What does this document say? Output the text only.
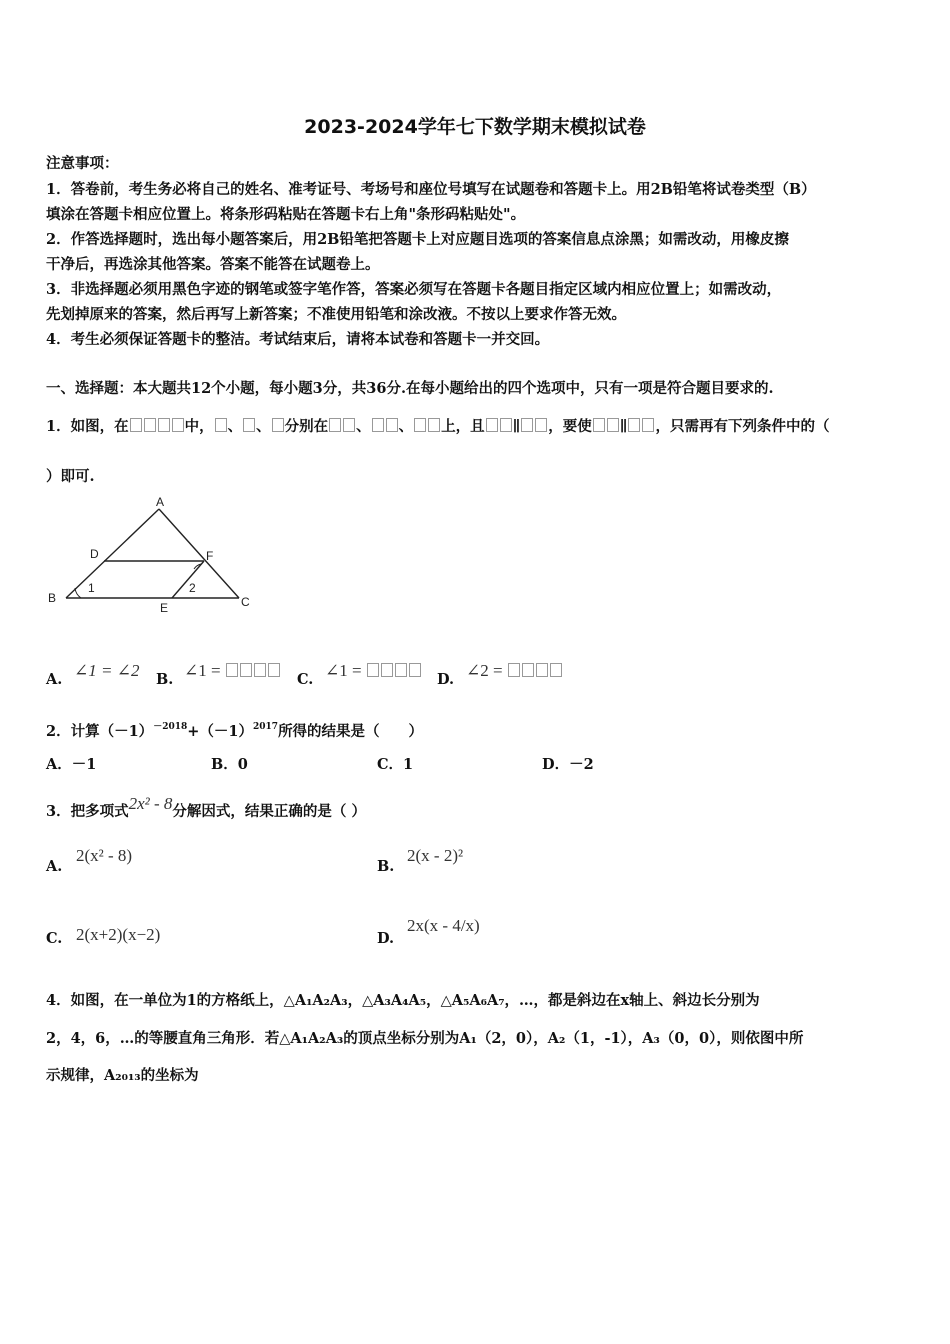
2023-2024学年七下数学期末模拟试卷
注意事项：
1．答卷前，考生务必将自己的姓名、准考证号、考场号和座位号填写在试题卷和答题卡上。用2B铅笔将试卷类型（B）
填涂在答题卡相应位置上。将条形码粘贴在答题卡右上角"条形码粘贴处"。
2．作答选择题时，选出每小题答案后，用2B铅笔把答题卡上对应题目选项的答案信息点涂黑；如需改动，用橡皮擦
干净后，再选涂其他答案。答案不能答在试题卷上。
3．非选择题必须用黑色字迹的钢笔或签字笔作答，答案必须写在答题卡各题目指定区域内相应位置上；如需改动，
先划掉原来的答案，然后再写上新答案；不准使用铅笔和涂改液。不按以上要求作答无效。
4．考生必须保证答题卡的整洁。考试结束后，请将本试卷和答题卡一并交回。
一、选择题：本大题共12个小题，每小题3分，共36分.在每小题给出的四个选项中，只有一项是符合题目要求的.
1．如图，在	中， 、 、 分别在 、 、 上，且 ∥ ，要使 ∥ ，只需再有下列条件中的（
）即可.
A
D	F
B
E	C
1	2
A. ∠1 = ∠2 B. ∠1 =	C. ∠1 =	D. ∠2 =
2．计算$(-1)^{-2018}+(-1)^{2017}$所得的结果是（　　）
A．－1	B．0	C．1	D．－2
3．把多项式2x² - 8分解因式，结果正确的是（ ）
A.
2(x² - 8)
B.
2(x - 2)²
C. 2(x+2)(x−2)	D.
2x(x - 4/x)
4．如图，在一单位为1的方格纸上，△A₁A₂A₃，△A₃A₄A₅，△A₅A₆A₇，…，都是斜边在x轴上、斜边长分别为
2，4，6，…的等腰直角三角形．若△A₁A₂A₃的顶点坐标分别为A₁（2，0），A₂（1，-1），A₃（0，0），则依图中所
示规律，A₂₀₁₃的坐标为
